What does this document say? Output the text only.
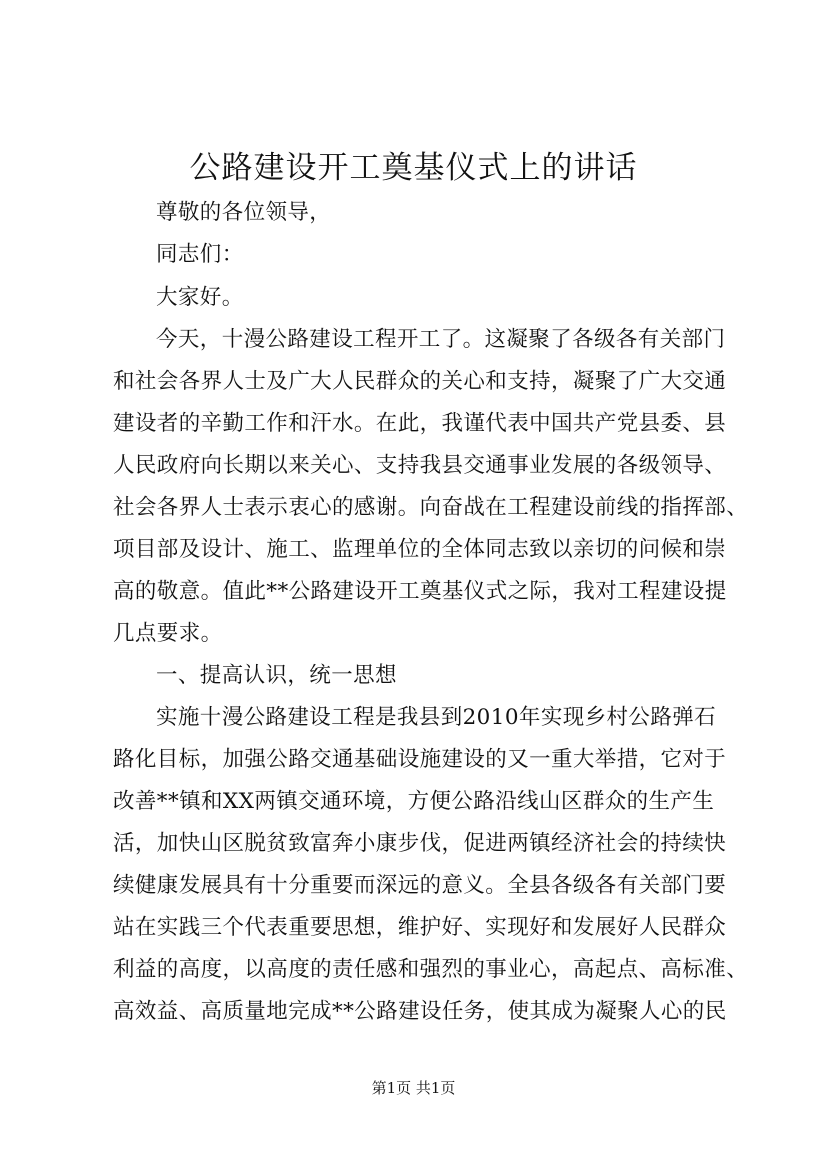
公路建设开工奠基仪式上的讲话
尊敬的各位领导，
同志们：
大家好。
今天，十漫公路建设工程开工了。这凝聚了各级各有关部门
和社会各界人士及广大人民群众的关心和支持，凝聚了广大交通
建设者的辛勤工作和汗水。在此，我谨代表中国共产党县委、县
人民政府向长期以来关心、支持我县交通事业发展的各级领导、
社会各界人士表示衷心的感谢。向奋战在工程建设前线的指挥部、
项目部及设计、施工、监理单位的全体同志致以亲切的问候和崇
高的敬意。值此**公路建设开工奠基仪式之际，我对工程建设提
几点要求。
一、提高认识，统一思想
实施十漫公路建设工程是我县到2010年实现乡村公路弹石
路化目标，加强公路交通基础设施建设的又一重大举措，它对于
改善**镇和XX两镇交通环境，方便公路沿线山区群众的生产生
活，加快山区脱贫致富奔小康步伐，促进两镇经济社会的持续快
续健康发展具有十分重要而深远的意义。全县各级各有关部门要
站在实践三个代表重要思想，维护好、实现好和发展好人民群众
利益的高度，以高度的责任感和强烈的事业心，高起点、高标准、
高效益、高质量地完成**公路建设任务，使其成为凝聚人心的民
第1页 共1页
